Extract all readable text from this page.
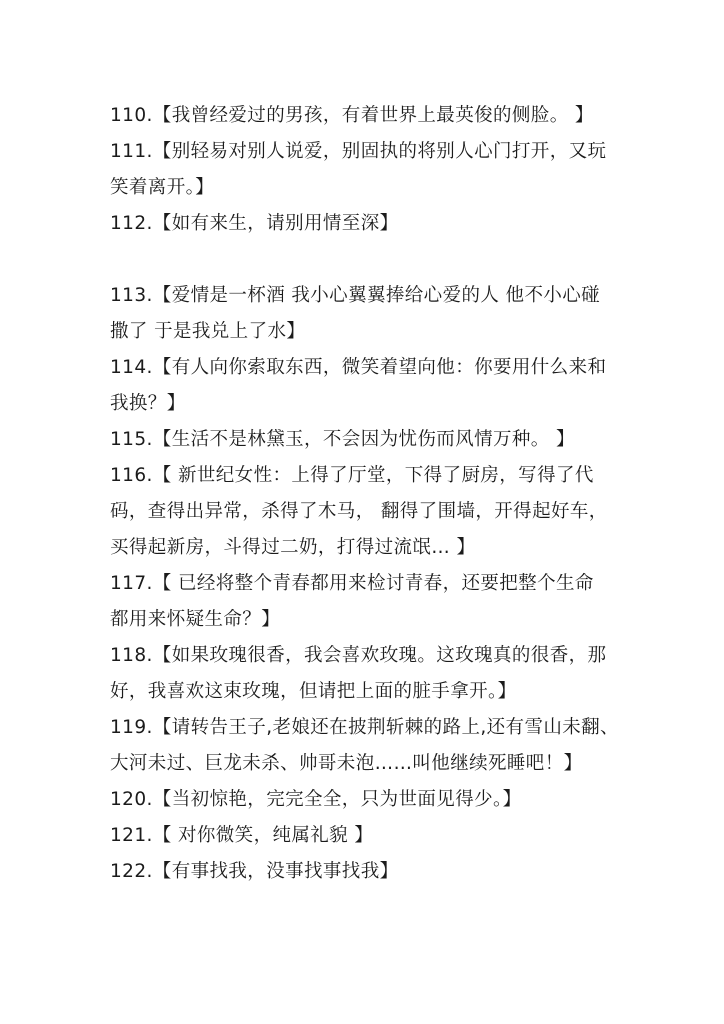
110.【我曾经爱过的男孩，有着世界上最英俊的侧脸。 】
111.【别轻易对别人说爱，别固执的将别人心门打开，又玩
笑着离开。】
112.【如有来生，请别用情至深】
113.【爱情是一杯酒 我小心翼翼捧给心爱的人 他不小心碰
撒了 于是我兑上了水】
114.【有人向你索取东西，微笑着望向他：你要用什么来和
我换？】
115.【生活不是林黛玉，不会因为忧伤而风情万种。 】
116.【 新世纪女性：上得了厅堂，下得了厨房，写得了代
码，查得出异常，杀得了木马， 翻得了围墙，开得起好车，
买得起新房，斗得过二奶，打得过流氓… 】
117.【 已经将整个青春都用来检讨青春，还要把整个生命
都用来怀疑生命？】
118.【如果玫瑰很香，我会喜欢玫瑰。这玫瑰真的很香，那
好，我喜欢这束玫瑰，但请把上面的脏手拿开。】
119.【请转告王子,老娘还在披荆斩棘的路上,还有雪山未翻、
大河未过、巨龙未杀、帅哥未泡……叫他继续死睡吧！】
120.【当初惊艳，完完全全，只为世面见得少。】
121.【 对你微笑，纯属礼貌 】
122.【有事找我，没事找事找我】
